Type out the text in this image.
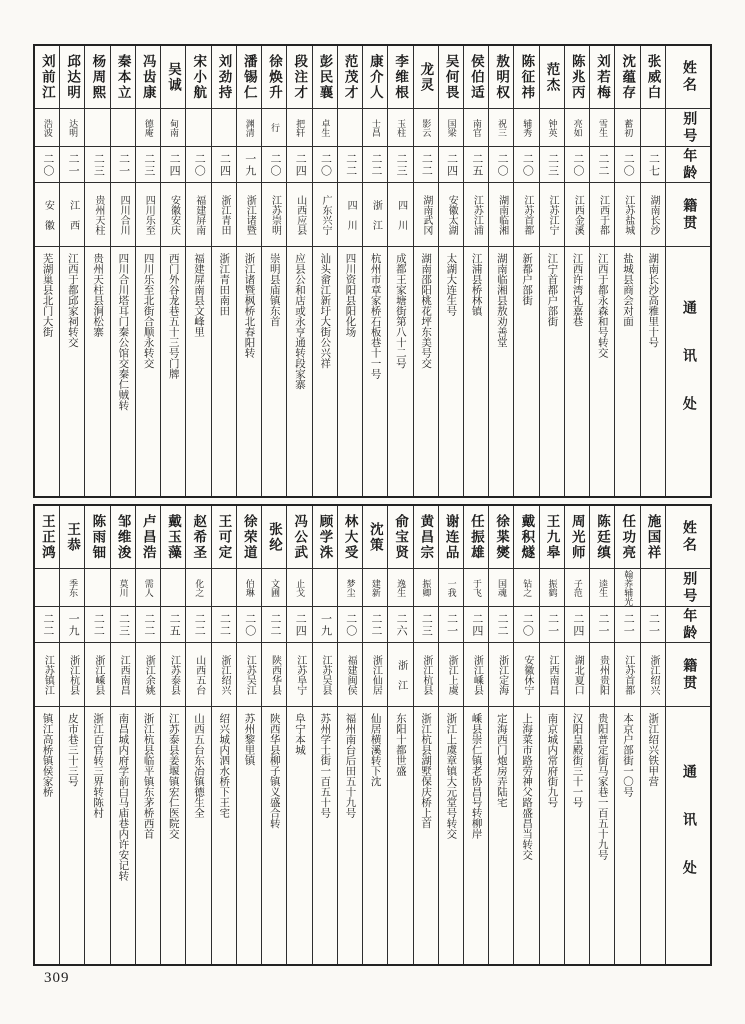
刘前江
浩波
二〇
安　徽
芜湖巢县北门大街
邱达明
达明
二一
江　西
江西于都邱家祠转交
杨周熙
二三
贵州天柱
贵州天柱县涧松寨
秦本立
二一
四川合川
四川合川塔耳门秦公馆交秦仁贼转
冯齿康
德庵
二三
四川乐至
四川乐至北街合顺永转交
吴诚
甸南
二四
安徽安庆
西门外谷龙巷五十三号门牌
宋小航
二〇
福建屏南
福建屏南县文峰里
刘劲持
二四
浙江青田
浙江青田南田
潘锡仁
渊清
一九
浙江诸暨
浙江诸暨枫桥北春阳转
徐焕升
行
二〇
江苏崇明
崇明县庙镇东首
段注才
把轩
二四
山西应县
应县公和店或永亨通转段家寨
彭民襄
卓生
二〇
广东兴宁
汕头畲江新圩大街公兴祥
范茂才
二二
四　川
四川资阳县阳化场
康介人
士昌
二二
浙　江
杭州市章家桥石板巷十一号
李维根
玉柱
二三
四　川
成都王家塘街第八十二号
龙灵
影云
二二
湖南武冈
湖南邵阳桃花坪东美号交
吴何畏
国梁
二四
安徽太湖
太湖大连生号
侯伯适
南官
二五
江苏江浦
江浦县桥林镇
敖明权
祝三
二〇
湖南临湘
湖南临湘县敖劝善堂
陈征祎
辅秀
二〇
江苏首都
新都户部街
范杰
钟英
二三
江苏江宁
江宁首都户部街
陈兆丙
亮如
二〇
江西金溪
江西许湾礼嘉巷
刘若梅
雪生
二二
江西于都
江西于都永森和号转交
沈蕴存
蓄初
二〇
江苏盐城
盐城县商会对面
张威白
二七
湖南长沙
湖南长沙高雅里十号
姓名
别号
年龄
籍贯
通讯处
王正鸿
二二
江苏镇江
镇江高桥镇侯家桥
王恭
季东
一九
浙江杭县
皮市巷三十三号
陈雨钿
二二
浙江嵊县
浙江百官转三界转陈村
邹维浚
莫川
二三
江西南昌
南昌城内府学前白马庙巷内许安记转
卢昌浩
需人
二二
浙江余姚
浙江杭县临平镇东茅桥西首
戴玉藻
二五
江苏泰县
江苏泰县姜堰镇宏仁医院交
赵希圣
化之
二二
山西五台
山西五台东冶镇德生全
王可定
二二
浙江绍兴
绍兴城内泗水桥下王宅
徐荣道
伯琳
二〇
江苏吴江
苏州黎里镇
张纶
文圃
二二
陕西华县
陕西华县柳子镇义盛合转
冯公武
止戈
二四
江苏阜宁
阜宁本城
顾学洙
一九
江苏吴县
苏州学士街一百五十号
林大受
梦尘
二〇
福建闽侯
福州南台后田五十九号
沈策
建新
二二
浙江仙居
仙居横溪转下沈
俞宝贤
逸生
二六
浙　江
东阳十都世盛
黄昌宗
振卿
二三
浙江杭县
浙江杭县湖墅保庆桥上首
谢连品
一我
二一
浙江上虞
浙江上虞章镇大元堂号转交
任振雄
于飞
二四
浙江嵊县
嵊县崇仁镇老协昌号转柳岸
徐枼爕
国魂
二二
浙江定海
定海西门炮房弄陆宅
戴积燧
钻之
二〇
安徽休宁
上海菜市路劳神父路盛昌当转交
王九皋
振鹤
二一
江西南昌
南京城内常府街九号
周光师
子范
二四
湖北夏口
汉阳皇殿街三十一号
陈廷缜
逵生
二一
贵州贵阳
贵阳普定街马家巷一百五十九号
任功亮
翰荞辅光
二一
江苏首都
本京户部街一〇号
施国祥
二一
浙江绍兴
浙江绍兴铁甲营
姓名
别号
年龄
籍贯
通讯处
309
